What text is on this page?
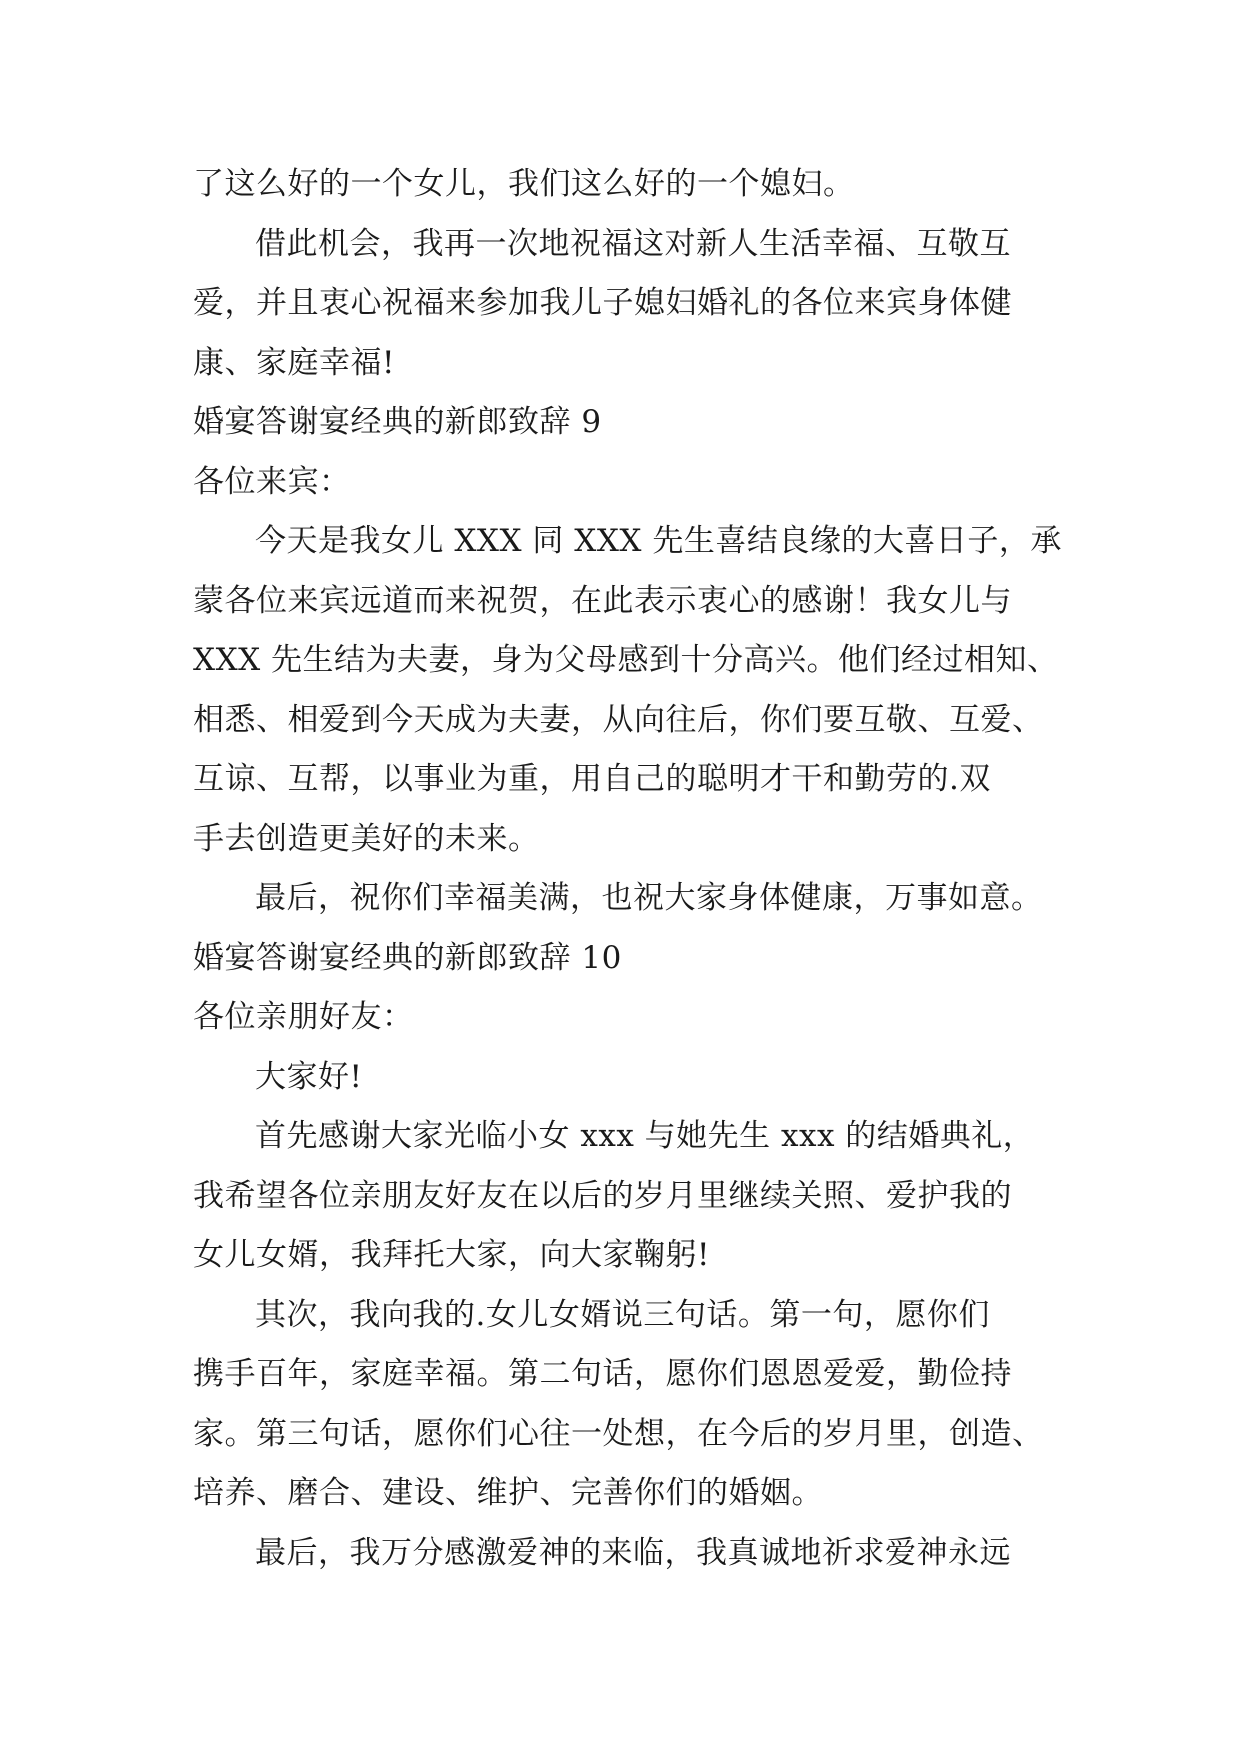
了这么好的一个女儿，我们这么好的一个媳妇。
借此机会，我再一次地祝福这对新人生活幸福、互敬互
爱，并且衷心祝福来参加我儿子媳妇婚礼的各位来宾身体健
康、家庭幸福!
婚宴答谢宴经典的新郎致辞 9
各位来宾：
今天是我女儿 XXX 同 XXX 先生喜结良缘的大喜日子，承
蒙各位来宾远道而来祝贺，在此表示衷心的感谢！我女儿与
XXX 先生结为夫妻，身为父母感到十分高兴。他们经过相知、
相悉、相爱到今天成为夫妻，从向往后，你们要互敬、互爱、
互谅、互帮，以事业为重，用自己的聪明才干和勤劳的.双
手去创造更美好的未来。
最后，祝你们幸福美满，也祝大家身体健康，万事如意。
婚宴答谢宴经典的新郎致辞 10
各位亲朋好友：
大家好!
首先感谢大家光临小女 xxx 与她先生 xxx 的结婚典礼，
我希望各位亲朋友好友在以后的岁月里继续关照、爱护我的
女儿女婿，我拜托大家，向大家鞠躬!
其次，我向我的.女儿女婿说三句话。第一句，愿你们
携手百年，家庭幸福。第二句话，愿你们恩恩爱爱，勤俭持
家。第三句话，愿你们心往一处想，在今后的岁月里，创造、
培养、磨合、建设、维护、完善你们的婚姻。
最后，我万分感激爱神的来临，我真诚地祈求爱神永远
